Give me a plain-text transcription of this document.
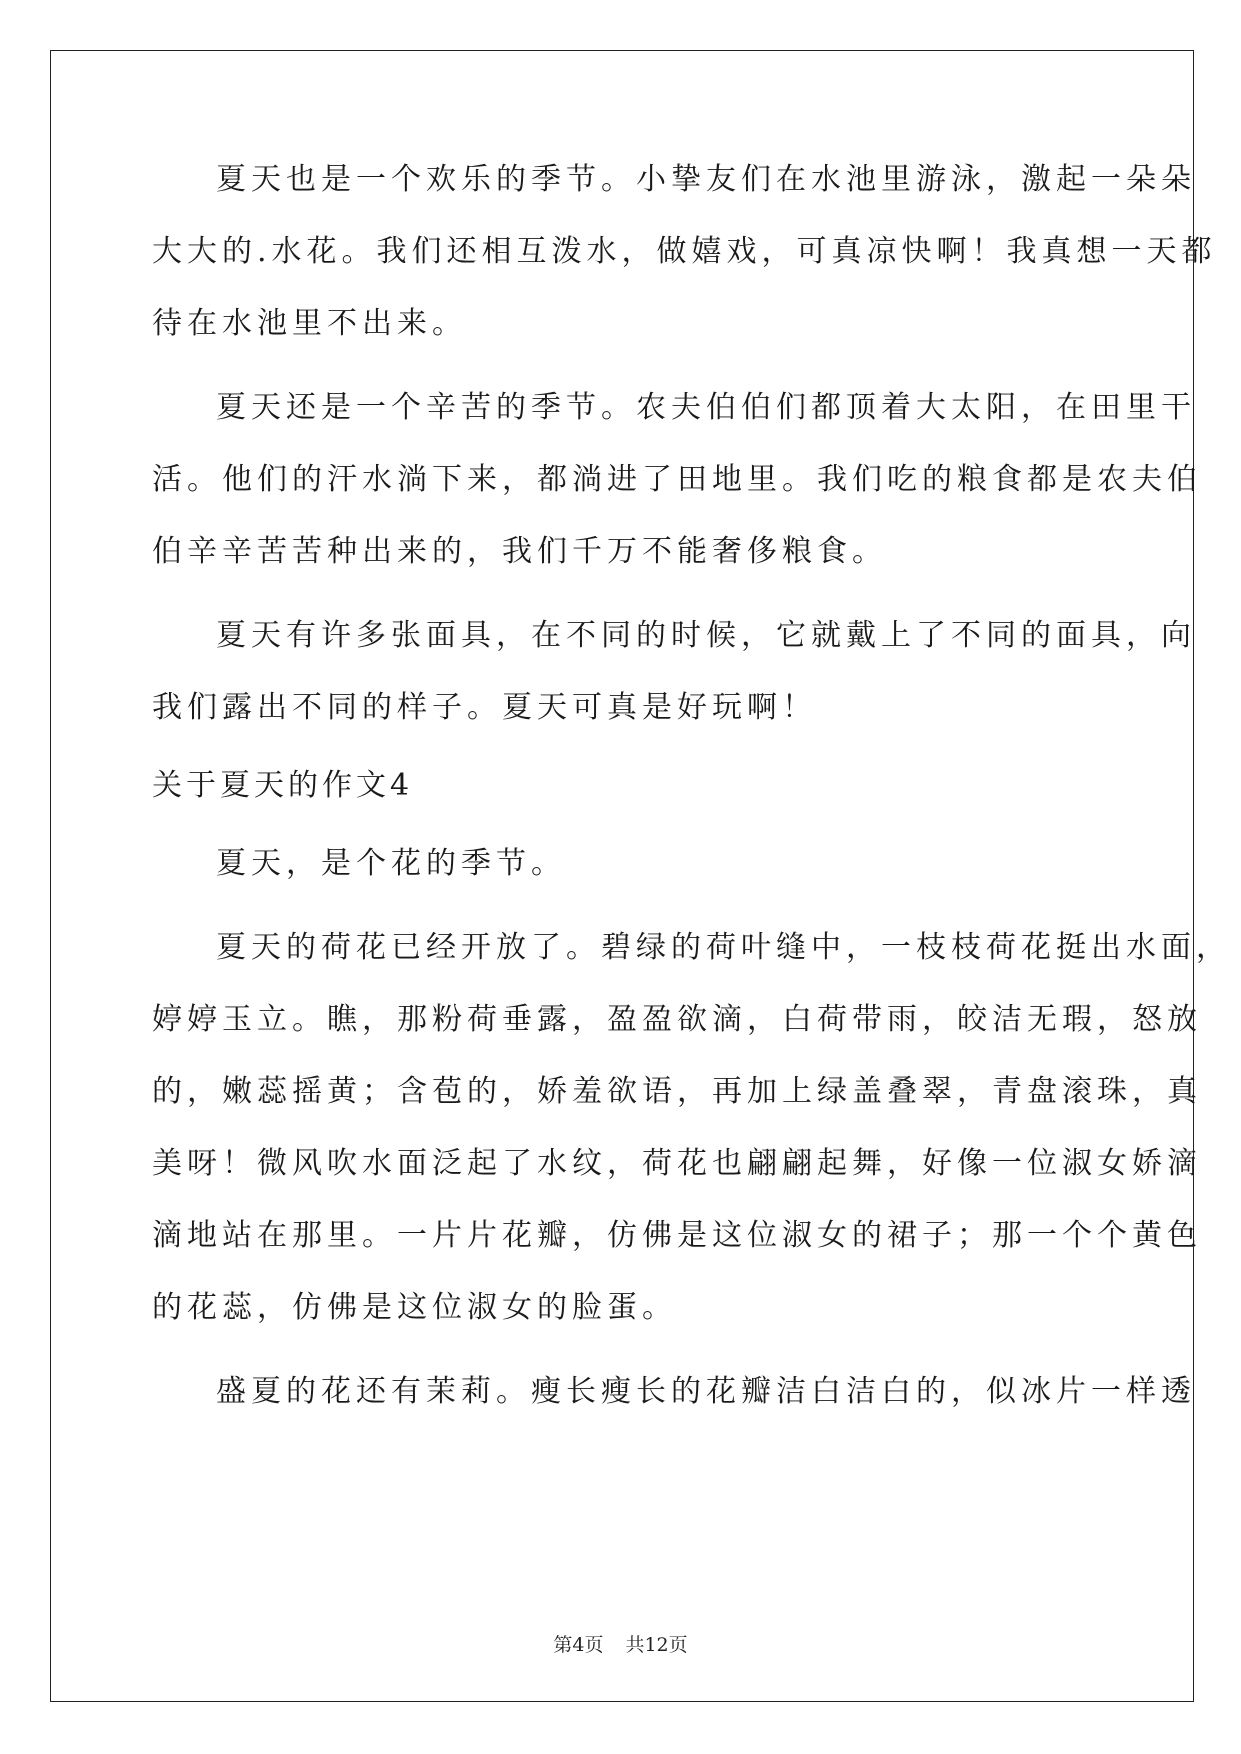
夏天也是一个欢乐的季节。小挚友们在水池里游泳，激起一朵朵
大大的.水花。我们还相互泼水，做嬉戏，可真凉快啊！我真想一天都
待在水池里不出来。
夏天还是一个辛苦的季节。农夫伯伯们都顶着大太阳，在田里干
活。他们的汗水淌下来，都淌进了田地里。我们吃的粮食都是农夫伯
伯辛辛苦苦种出来的，我们千万不能奢侈粮食。
夏天有许多张面具，在不同的时候，它就戴上了不同的面具，向
我们露出不同的样子。夏天可真是好玩啊！
关于夏天的作文4
夏天，是个花的季节。
夏天的荷花已经开放了。碧绿的荷叶缝中，一枝枝荷花挺出水面，
婷婷玉立。瞧，那粉荷垂露，盈盈欲滴，白荷带雨，皎洁无瑕，怒放
的，嫩蕊摇黄；含苞的，娇羞欲语，再加上绿盖叠翠，青盘滚珠，真
美呀！微风吹水面泛起了水纹，荷花也翩翩起舞，好像一位淑女娇滴
滴地站在那里。一片片花瓣，仿佛是这位淑女的裙子；那一个个黄色
的花蕊，仿佛是这位淑女的脸蛋。
盛夏的花还有茉莉。瘦长瘦长的花瓣洁白洁白的，似冰片一样透
第4页 共12页
